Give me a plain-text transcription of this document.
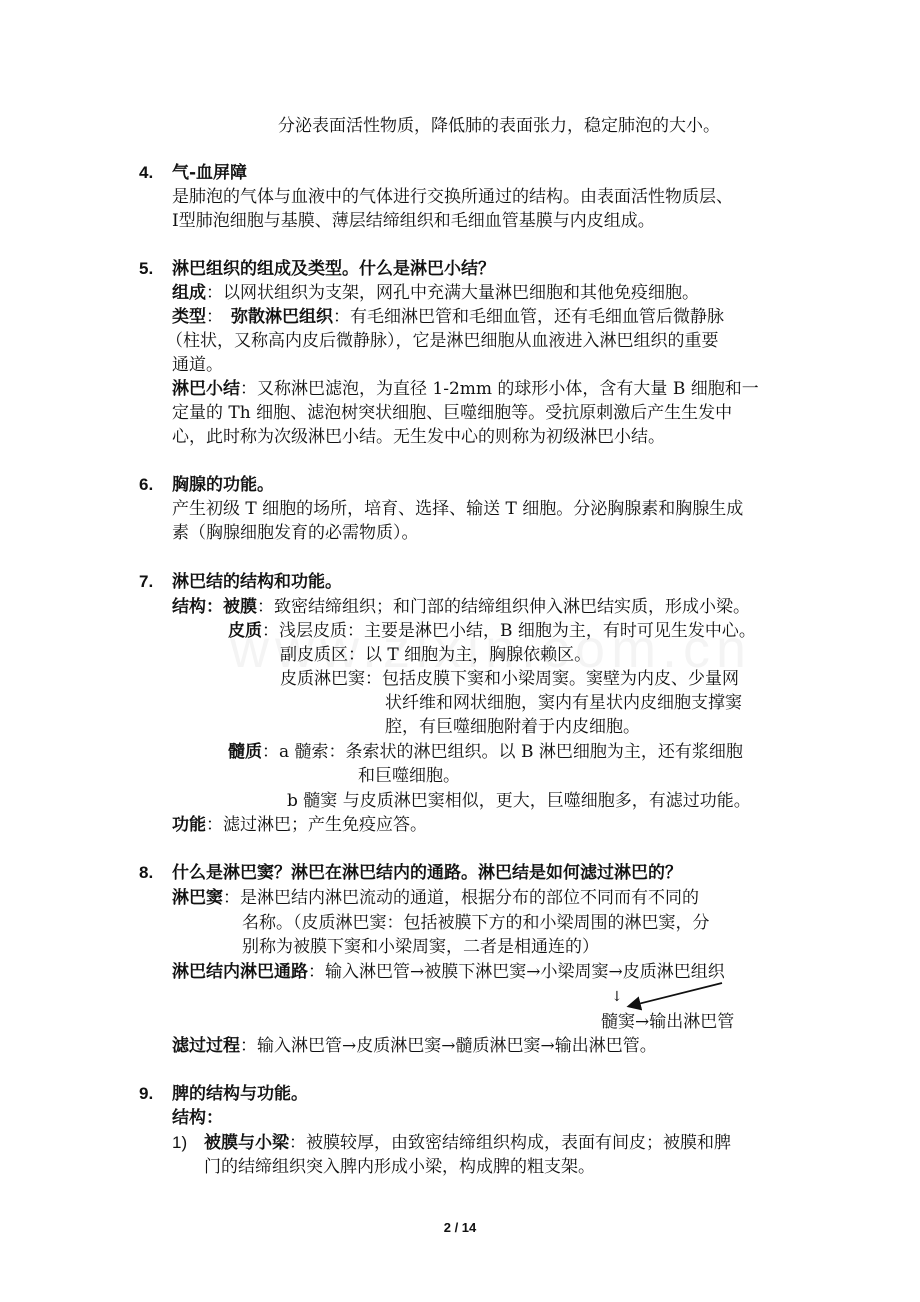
分泌表面活性物质，降低肺的表面张力，稳定肺泡的大小。
4. 气-血屏障
是肺泡的气体与血液中的气体进行交换所通过的结构。由表面活性物质层、
Ⅰ型肺泡细胞与基膜、薄层结缔组织和毛细血管基膜与内皮组成。
5. 淋巴组织的组成及类型。什么是淋巴小结？
组成：以网状组织为支架，网孔中充满大量淋巴细胞和其他免疫细胞。
类型： 弥散淋巴组织：有毛细淋巴管和毛细血管，还有毛细血管后微静脉
（柱状，又称高内皮后微静脉），它是淋巴细胞从血液进入淋巴组织的重要
通道。
淋巴小结：又称淋巴滤泡，为直径 1-2mm 的球形小体，含有大量 B 细胞和一
定量的 Th 细胞、滤泡树突状细胞、巨噬细胞等。受抗原刺激后产生生发中
心，此时称为次级淋巴小结。无生发中心的则称为初级淋巴小结。
6. 胸腺的功能。
产生初级 T 细胞的场所，培育、选择、输送 T 细胞。分泌胸腺素和胸腺生成
素（胸腺细胞发育的必需物质）。
7. 淋巴结的结构和功能。
结构：被膜：致密结缔组织；和门部的结缔组织伸入淋巴结实质，形成小梁。
皮质：浅层皮质：主要是淋巴小结，B 细胞为主，有时可见生发中心。
副皮质区：以 T 细胞为主，胸腺依赖区。
皮质淋巴窦：包括皮膜下窦和小梁周窦。窦壁为内皮、少量网
状纤维和网状细胞，窦内有星状内皮细胞支撑窦
腔，有巨噬细胞附着于内皮细胞。
髓质：a 髓索：条索状的淋巴组织。以 B 淋巴细胞为主，还有浆细胞
和巨噬细胞。
b 髓窦 与皮质淋巴窦相似，更大，巨噬细胞多，有滤过功能。
功能：滤过淋巴；产生免疫应答。
8. 什么是淋巴窦？淋巴在淋巴结内的通路。淋巴结是如何滤过淋巴的？
淋巴窦：是淋巴结内淋巴流动的通道，根据分布的部位不同而有不同的
名称。（皮质淋巴窦：包括被膜下方的和小梁周围的淋巴窦，分
别称为被膜下窦和小梁周窦，二者是相通连的）
淋巴结内淋巴通路：输入淋巴管→被膜下淋巴窦→小梁周窦→皮质淋巴组织
↓
髓窦→输出淋巴管
滤过过程：输入淋巴管→皮质淋巴窦→髓质淋巴窦→输出淋巴管。
9. 脾的结构与功能。
结构：
1) 被膜与小梁：被膜较厚，由致密结缔组织构成，表面有间皮；被膜和脾
门的结缔组织突入脾内形成小梁，构成脾的粗支架。
2 / 14
